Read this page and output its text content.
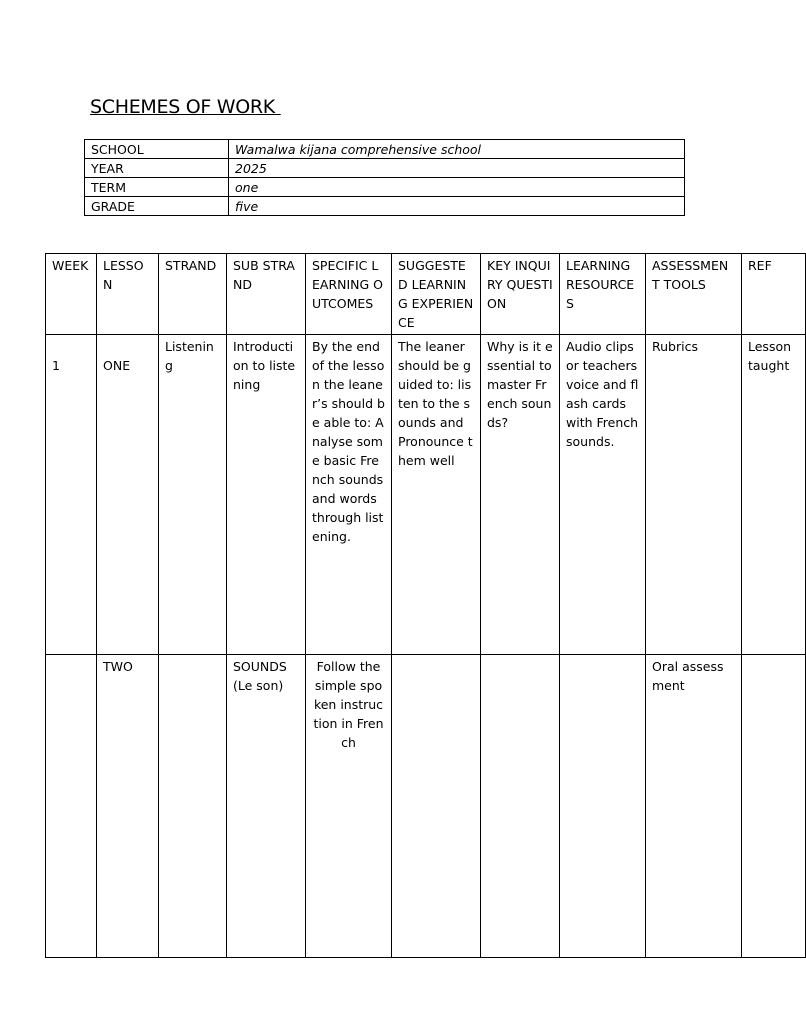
SCHEMES OF WORK
SCHOOL	Wamalwa kijana comprehensive school
YEAR	2025
TERM	one
GRADE	five
WEEK	LESSON	STRAND	SUB STRAND	SPECIFIC LEARNING OUTCOMES	SUGGESTED LEARNING EXPERIENCE	KEY INQUIRY QUESTION	LEARNING RESOURCES	ASSESSMENT TOOLS	REF
1	ONE	Listening	Introduction to listening	By the end of the lesson the leaner’s should be able to: Analyse some basic French sounds and words through listening.	The leaner should be guided to: listen to the sounds and Pronounce them well	Why is it essential to master French sounds?	Audio clips or teachers voice and flash cards with French sounds.	Rubrics	Lesson taught
	TWO		SOUNDS (Le son)	Follow the simple spoken instruction in French				Oral assessment	
